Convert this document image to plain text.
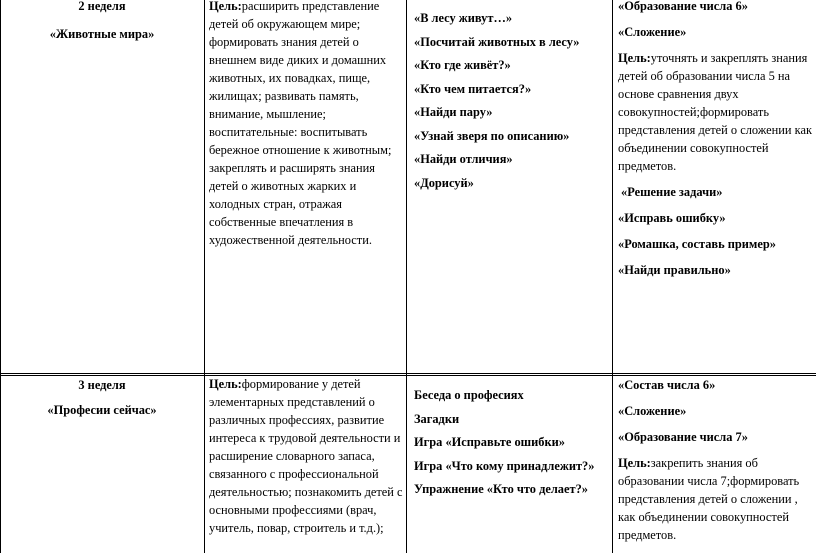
2 неделя

«Животные мира»

Цель:расширить представление детей об окружающем мире; формировать знания детей о внешнем виде диких и домашних животных, их повадках, пище, жилищах; развивать память, внимание, мышление; воспитательные: воспитывать бережное отношение к животным; закреплять и расширять знания детей о животных жарких и холодных стран, отражая собственные впечатления в художественной деятельности.

«В лесу живут…»

«Посчитай животных в лесу»

«Кто где живёт?»

«Кто чем питается?»

«Найди пару»

«Узнай зверя по описанию»

«Найди отличия»

«Дорисуй»

«Образование числа 6»

«Сложение»

Цель:уточнять и закреплять знания детей об образовании числа 5 на основе сравнения двух совокупностей;формировать представления детей о сложении как объединении совокупностей предметов.

«Решение задачи»

«Исправь ошибку»

«Ромашка, составь пример»

«Найди правильно»

3 неделя

«Професии сейчас»

Цель:формирование у детей элементарных представлений о различных профессиях, развитие интереса к трудовой деятельности и расширение словарного запаса, связанного с профессиональной деятельностью; познакомить детей с основными профессиями (врач, учитель, повар, строитель и т.д.);

Беседа о професиях

Загадки

Игра «Исправьте ошибки»

Игра «Что кому принадлежит?»

Упражнение «Кто что делает?»

«Состав числа 6»

«Сложение»

«Образование числа 7»

Цель:закрепить знания об образовании числа 7;формировать представления детей о сложении , как объединении совокупностей предметов.
